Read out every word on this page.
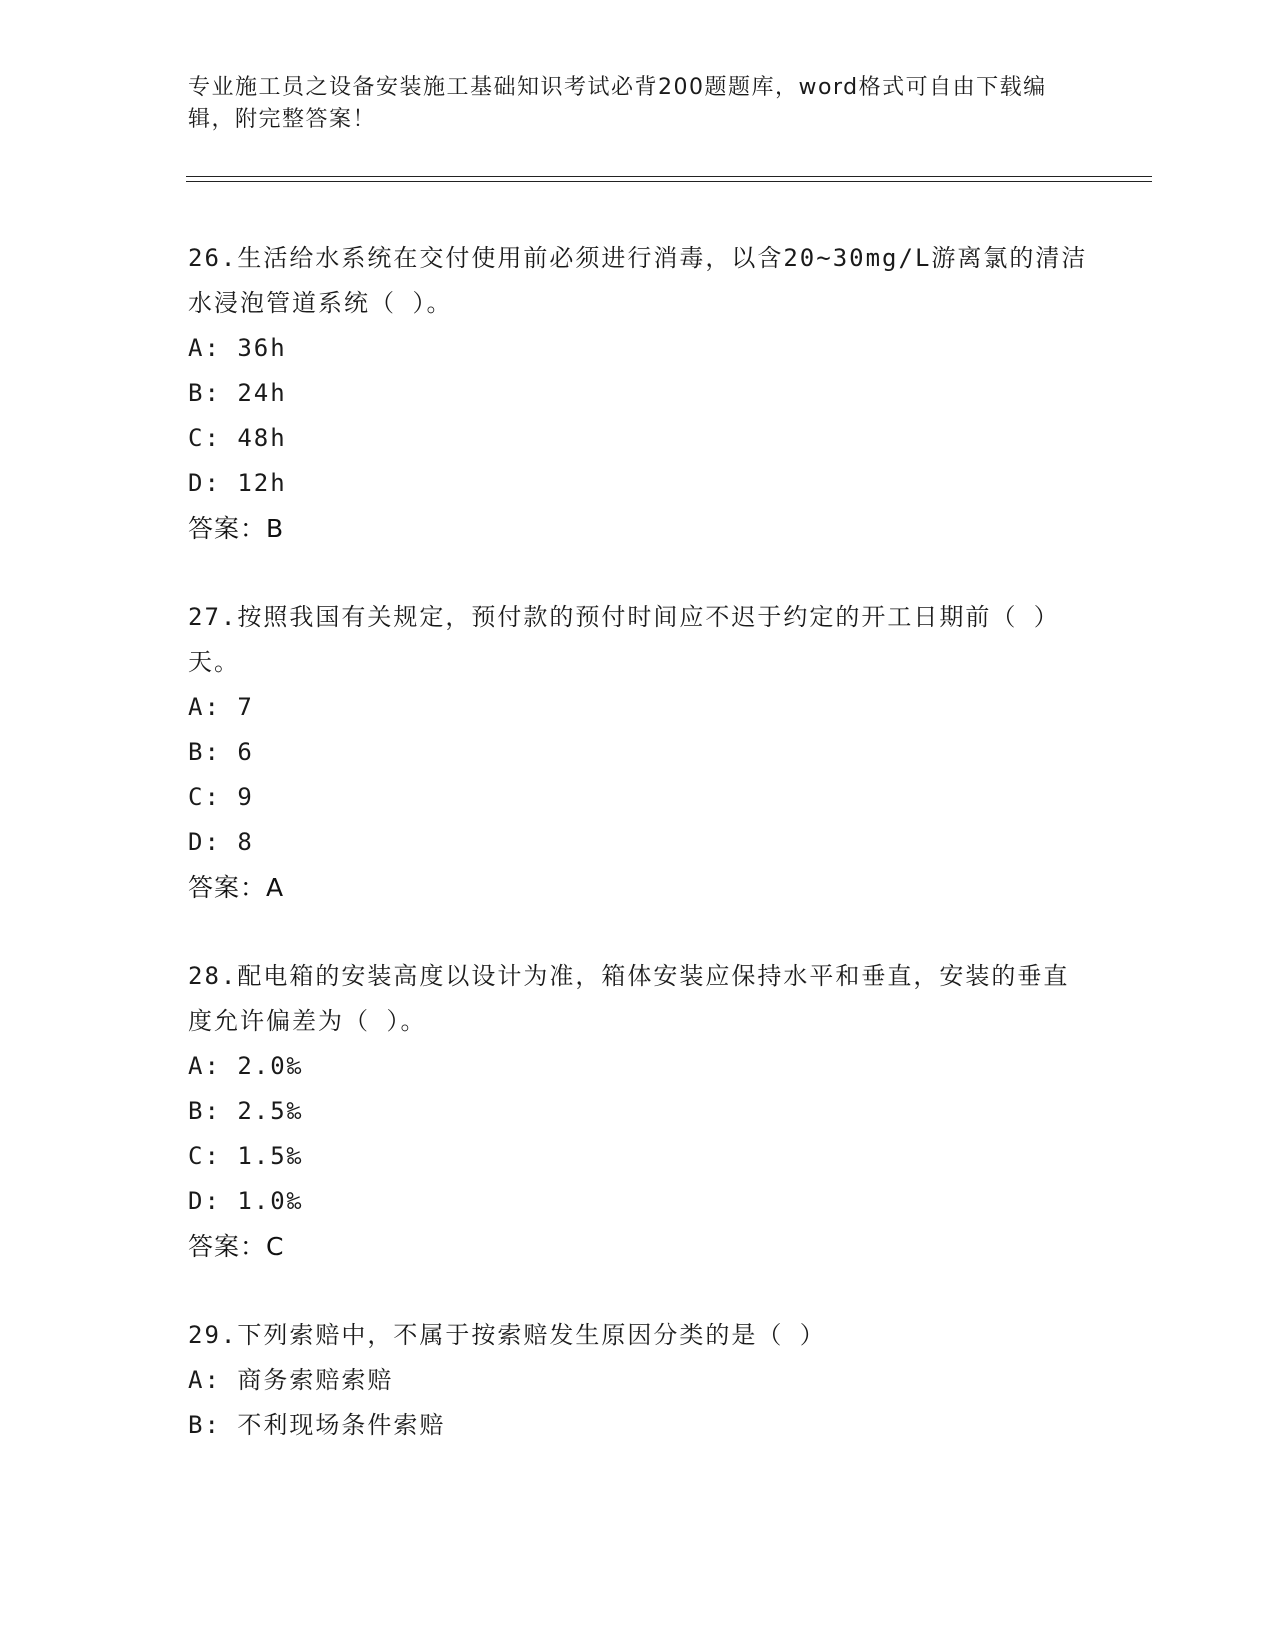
专业施工员之设备安装施工基础知识考试必背200题题库，word格式可自由下载编辑，附完整答案！

26.生活给水系统在交付使用前必须进行消毒，以含20~30mg/L游离氯的清洁水浸泡管道系统（ ）。

A: 36h

B: 24h

C: 48h

D: 12h

答案：B

27.按照我国有关规定，预付款的预付时间应不迟于约定的开工日期前（ ）天。

A: 7

B: 6

C: 9

D: 8

答案：A

28.配电箱的安装高度以设计为准，箱体安装应保持水平和垂直，安装的垂直度允许偏差为（ ）。

A: 2.0‰

B: 2.5‰

C: 1.5‰

D: 1.0‰

答案：C

29.下列索赔中，不属于按索赔发生原因分类的是（ ）

A: 商务索赔索赔

B: 不利现场条件索赔
